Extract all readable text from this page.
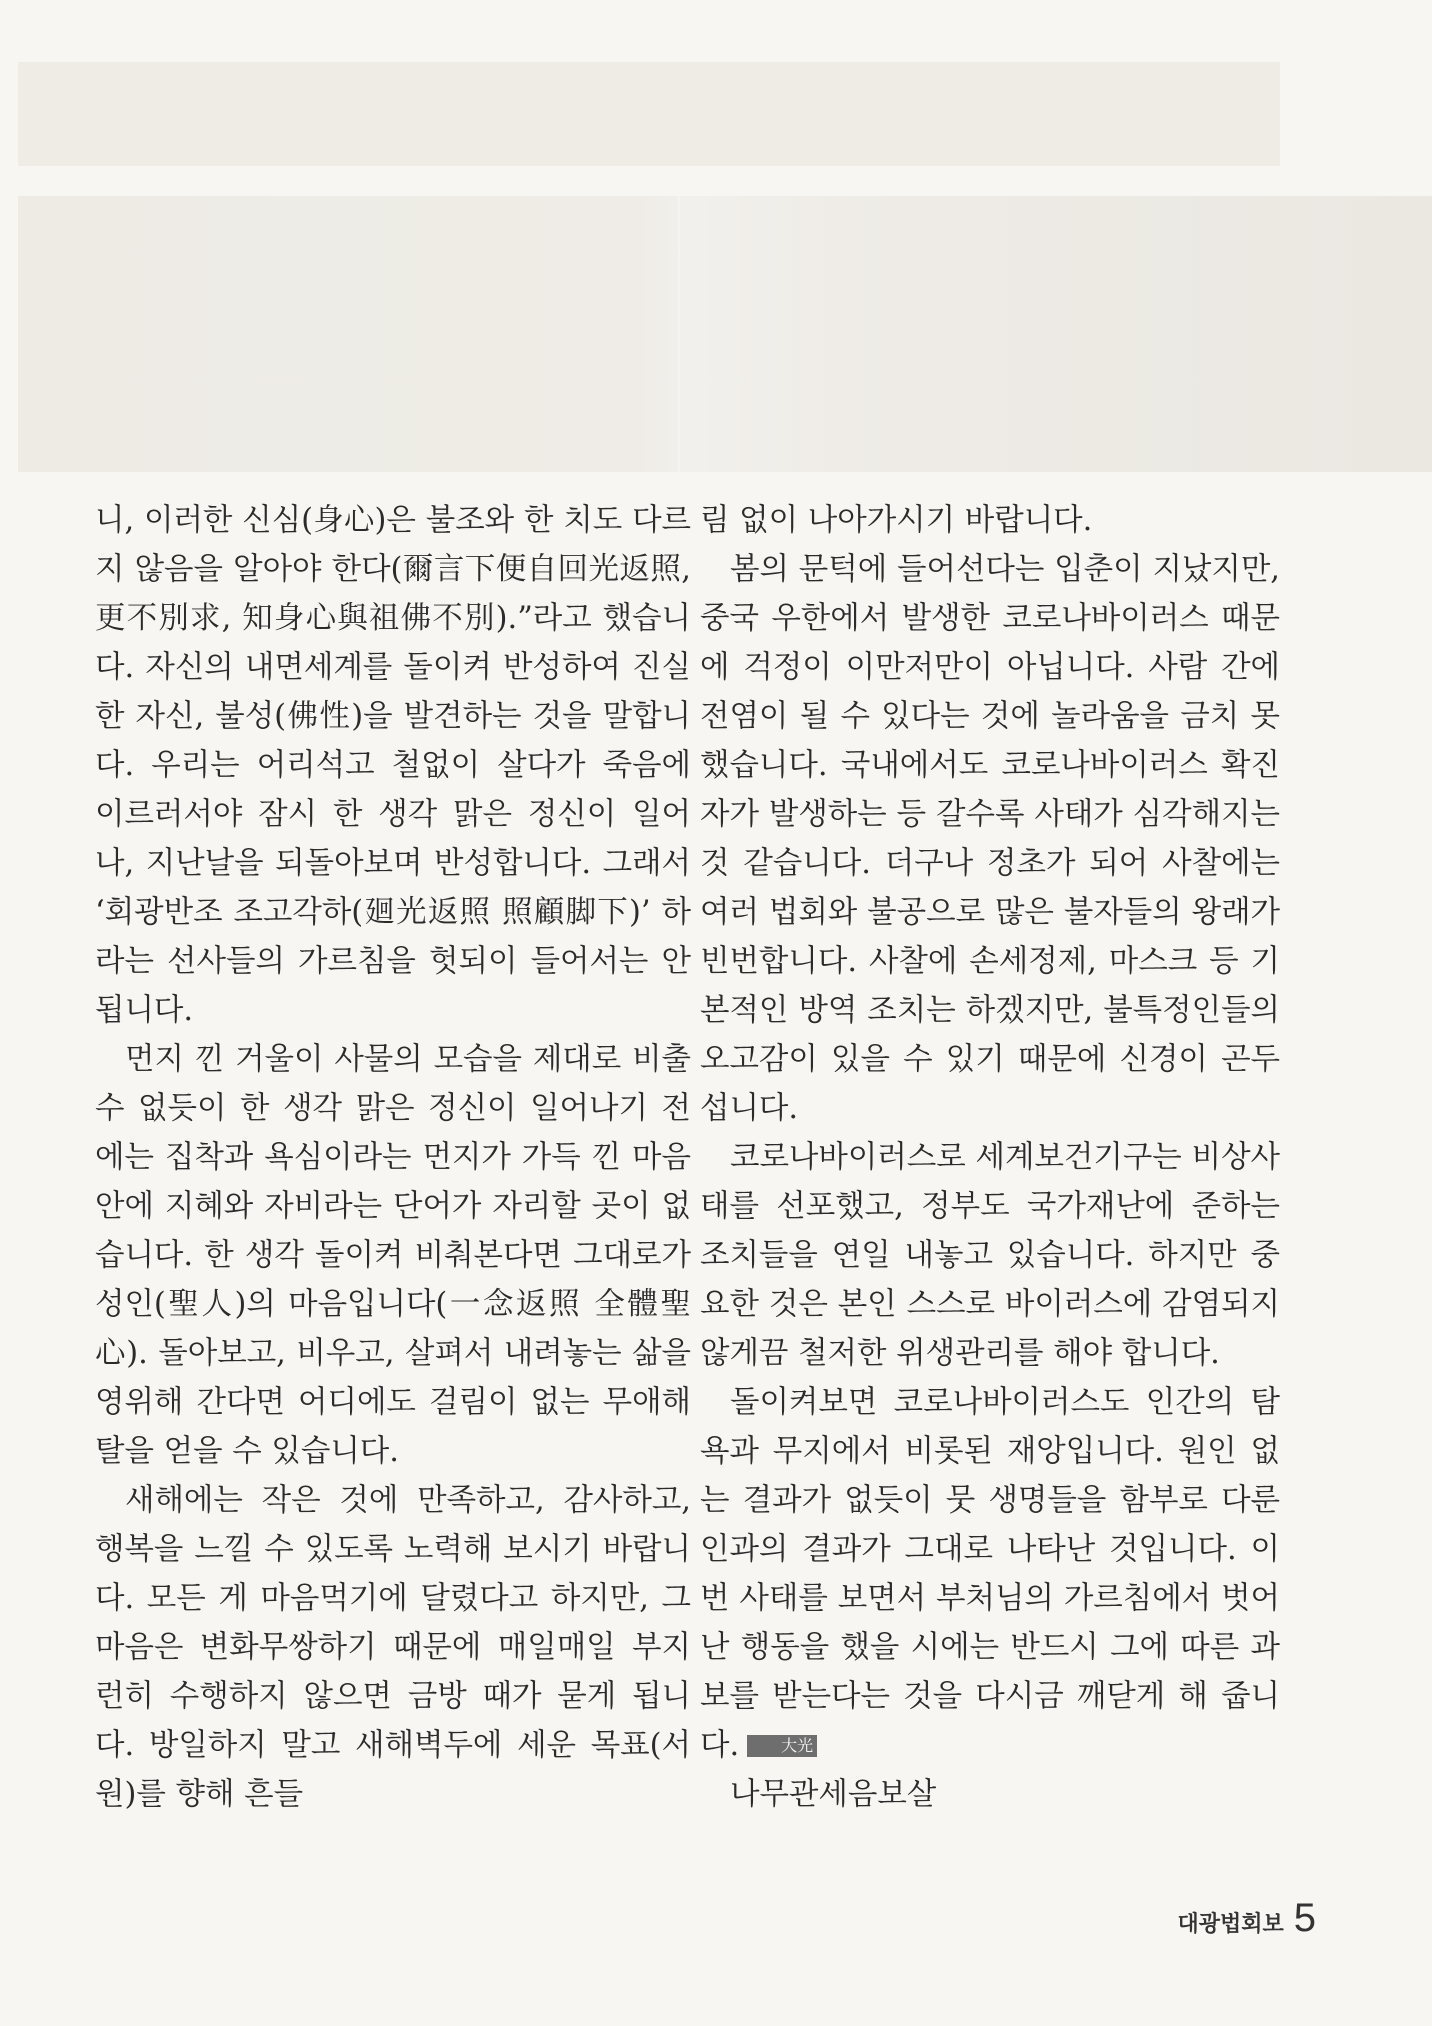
니, 이러한 신심(身心)은 불조와 한 치도 다르지 않음을 알아야 한다(爾言下便自回光返照, 更不別求, 知身心與祖佛不別).”라고 했습니다. 자신의 내면세계를 돌이켜 반성하여 진실한 자신, 불성(佛性)을 발견하는 것을 말합니다. 우리는 어리석고 철없이 살다가 죽음에 이르러서야 잠시 한 생각 맑은 정신이 일어나, 지난날을 되돌아보며 반성합니다. 그래서 ‘회광반조 조고각하(廻光返照 照顧脚下)’ 하라는 선사들의 가르침을 헛되이 들어서는 안 됩니다.

먼지 낀 거울이 사물의 모습을 제대로 비출 수 없듯이 한 생각 맑은 정신이 일어나기 전에는 집착과 욕심이라는 먼지가 가득 낀 마음 안에 지혜와 자비라는 단어가 자리할 곳이 없습니다. 한 생각 돌이켜 비춰본다면 그대로가 성인(聖人)의 마음입니다(一念返照 全體聖心). 돌아보고, 비우고, 살펴서 내려놓는 삶을 영위해 간다면 어디에도 걸림이 없는 무애해탈을 얻을 수 있습니다.

새해에는 작은 것에 만족하고, 감사하고, 행복을 느낄 수 있도록 노력해 보시기 바랍니다. 모든 게 마음먹기에 달렸다고 하지만, 그 마음은 변화무쌍하기 때문에 매일매일 부지런히 수행하지 않으면 금방 때가 묻게 됩니다. 방일하지 말고 새해벽두에 세운 목표(서원)를 향해 흔들

림 없이 나아가시기 바랍니다.

봄의 문턱에 들어선다는 입춘이 지났지만, 중국 우한에서 발생한 코로나바이러스 때문에 걱정이 이만저만이 아닙니다. 사람 간에 전염이 될 수 있다는 것에 놀라움을 금치 못했습니다. 국내에서도 코로나바이러스 확진자가 발생하는 등 갈수록 사태가 심각해지는 것 같습니다. 더구나 정초가 되어 사찰에는 여러 법회와 불공으로 많은 불자들의 왕래가 빈번합니다. 사찰에 손세정제, 마스크 등 기본적인 방역 조치는 하겠지만, 불특정인들의 오고감이 있을 수 있기 때문에 신경이 곤두섭니다.

코로나바이러스로 세계보건기구는 비상사태를 선포했고, 정부도 국가재난에 준하는 조치들을 연일 내놓고 있습니다. 하지만 중요한 것은 본인 스스로 바이러스에 감염되지 않게끔 철저한 위생관리를 해야 합니다.

돌이켜보면 코로나바이러스도 인간의 탐욕과 무지에서 비롯된 재앙입니다. 원인 없는 결과가 없듯이 뭇 생명들을 함부로 다룬 인과의 결과가 그대로 나타난 것입니다. 이번 사태를 보면서 부처님의 가르침에서 벗어난 행동을 했을 시에는 반드시 그에 따른 과보를 받는다는 것을 다시금 깨닫게 해 줍니다.	大光

나무관세음보살

대광법회보 5
